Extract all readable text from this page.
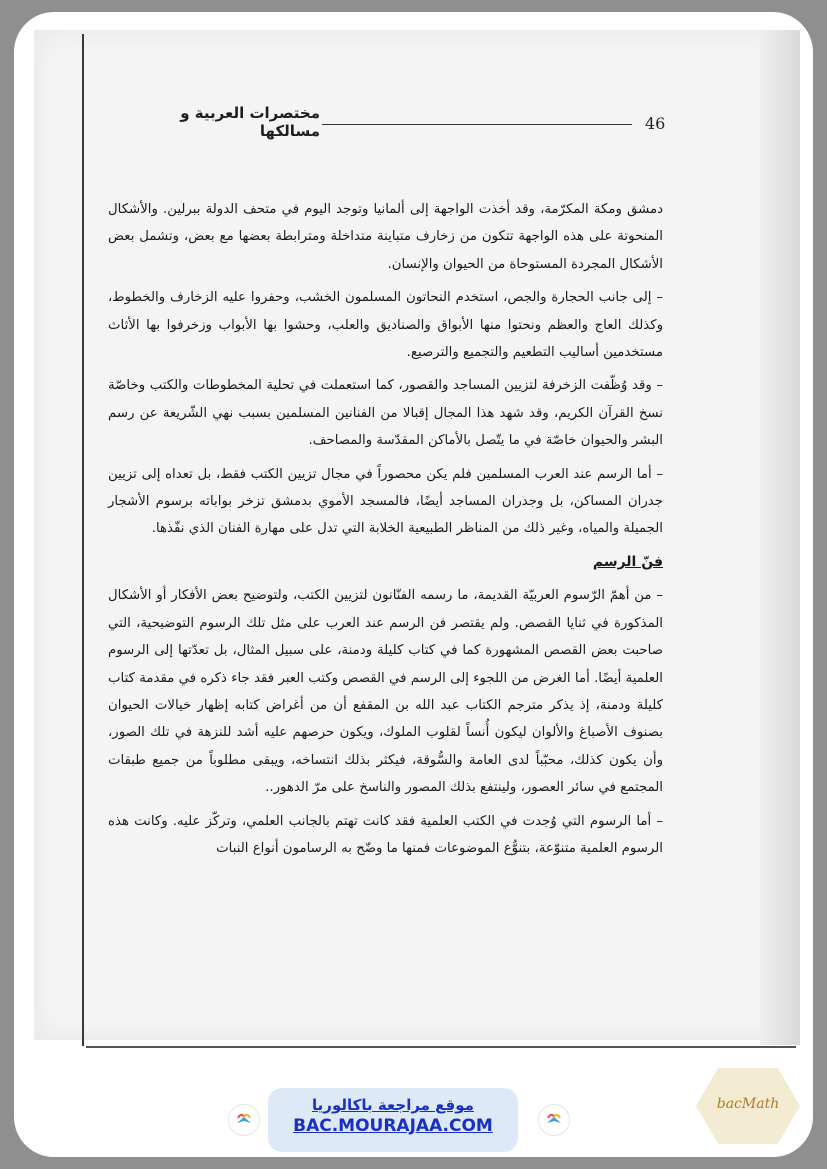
46
مختصرات العربية و مسالكها

دمشق ومكة المكرّمة، وقد أخذت الواجهة إلى ألمانيا وتوجد اليوم في متحف الدولة ببرلين. والأشكال المنحوتة على هذه الواجهة تتكون من زخارف متباينة متداخلة ومترابطة بعضها مع بعض، وتشمل بعض الأشكال المجردة المستوحاة من الحيوان والإنسان.

– إلى جانب الحجارة والجص، استخدم النحاتون المسلمون الخشب، وحفروا عليه الزخارف والخطوط، وكذلك العاج والعظم ونحتوا منها الأبواق والصناديق والعلب، وحشوا بها الأبواب وزخرفوا بها الأثاث مستخدمين أساليب التطعيم والتجميع والترصيع.

– وقد وُظّفت الزخرفة لتزيين المساجد والقصور، كما استعملت في تحلية المخطوطات والكتب وخاصّة نسخ القرآن الكريم، وقد شهد هذا المجال إقبالا من الفنانين المسلمين بسبب نهي الشّريعة عن رسم البشر والحيوان خاصّة في ما يتّصل بالأماكن المقدّسة والمصاحف.

– أما الرسم عند العرب المسلمين فلم يكن محصوراً في مجال تزيين الكتب فقط، بل تعداه إلى تزيين جدران المساكن، بل وجدران المساجد أيضًا، فالمسجد الأموي بدمشق تزخر بواباته برسوم الأشجار الجميلة والمياه، وغير ذلك من المناظر الطبيعية الخلابة التي تدل على مهارة الفنان الذي نفّذها.

فنّ الرسم

– من أهمّ الرّسوم العربيّة القديمة، ما رسمه الفنّانون لتزيين الكتب، ولتوضيح بعض الأفكار أو الأشكال المذكورة في ثنايا القصص. ولم يقتصر فن الرسم عند العرب على مثل تلك الرسوم التوضيحية، التي صاحبت بعض القصص المشهورة كما في كتاب كليلة ودمنة، على سبيل المثال، بل تعدّتها إلى الرسوم العلمية أيضًا. أما الغرض من اللجوء إلى الرسم في القصص وكتب العبر فقد جاء ذكره في مقدمة كتاب كليلة ودمنة، إذ يذكر مترجم الكتاب عبد الله بن المقفع أن من أغراض كتابه إظهار خيالات الحيوان بصنوف الأصباغ والألوان ليكون أُنساً لقلوب الملوك، ويكون حرصهم عليه أشد للنزهة في تلك الصور، وأن يكون كذلك، محبّباً لدى العامة والسُّوقة، فيكثر بذلك انتساخه، ويبقى مطلوباً من جميع طبقات المجتمع في سائر العصور، ولينتفع بذلك المصور والناسخ على مرّ الدهور..

– أما الرسوم التي وُجدت في الكتب العلمية فقد كانت تهتم بالجانب العلمي، وتركّز عليه. وكانت هذه الرسوم العلمية متنوّعة، بتنوُّع الموضوعات فمنها ما وضّح به الرسامون أنواع النبات

موقع مراجعة باكالوريا
BAC.MOURAJAA.COM
bacMath
